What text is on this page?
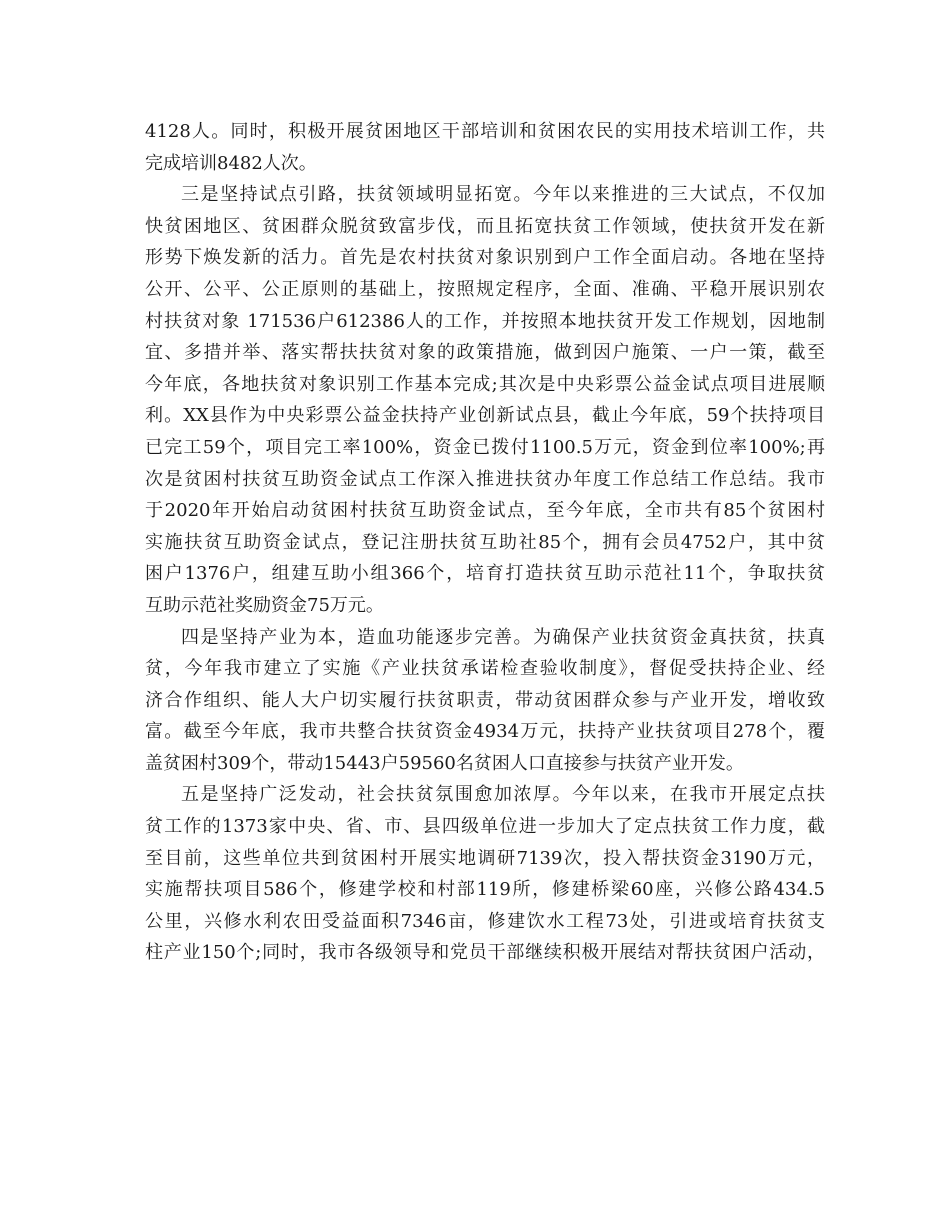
4128人。同时，积极开展贫困地区干部培训和贫困农民的实用技术培训工作，共
完成培训8482人次。
三是坚持试点引路，扶贫领域明显拓宽。今年以来推进的三大试点，不仅加
快贫困地区、贫困群众脱贫致富步伐，而且拓宽扶贫工作领域，使扶贫开发在新
形势下焕发新的活力。首先是农村扶贫对象识别到户工作全面启动。各地在坚持
公开、公平、公正原则的基础上，按照规定程序，全面、准确、平稳开展识别农
村扶贫对象 171536户612386人的工作，并按照本地扶贫开发工作规划，因地制
宜、多措并举、落实帮扶扶贫对象的政策措施，做到因户施策、一户一策，截至
今年底，各地扶贫对象识别工作基本完成;其次是中央彩票公益金试点项目进展顺
利。XX县作为中央彩票公益金扶持产业创新试点县，截止今年底，59个扶持项目
已完工59个，项目完工率100%，资金已拨付1100.5万元，资金到位率100%;再
次是贫困村扶贫互助资金试点工作深入推进扶贫办年度工作总结工作总结。我市
于2020年开始启动贫困村扶贫互助资金试点，至今年底，全市共有85个贫困村
实施扶贫互助资金试点，登记注册扶贫互助社85个，拥有会员4752户，其中贫
困户1376户，组建互助小组366个，培育打造扶贫互助示范社11个，争取扶贫
互助示范社奖励资金75万元。
四是坚持产业为本，造血功能逐步完善。为确保产业扶贫资金真扶贫，扶真
贫，今年我市建立了实施《产业扶贫承诺检查验收制度》，督促受扶持企业、经
济合作组织、能人大户切实履行扶贫职责，带动贫困群众参与产业开发，增收致
富。截至今年底，我市共整合扶贫资金4934万元，扶持产业扶贫项目278个，覆
盖贫困村309个，带动15443户59560名贫困人口直接参与扶贫产业开发。
五是坚持广泛发动，社会扶贫氛围愈加浓厚。今年以来，在我市开展定点扶
贫工作的1373家中央、省、市、县四级单位进一步加大了定点扶贫工作力度，截
至目前，这些单位共到贫困村开展实地调研7139次，投入帮扶资金3190万元，
实施帮扶项目586个，修建学校和村部119所，修建桥梁60座，兴修公路434.5
公里，兴修水利农田受益面积7346亩，修建饮水工程73处，引进或培育扶贫支
柱产业150个;同时，我市各级领导和党员干部继续积极开展结对帮扶贫困户活动，
